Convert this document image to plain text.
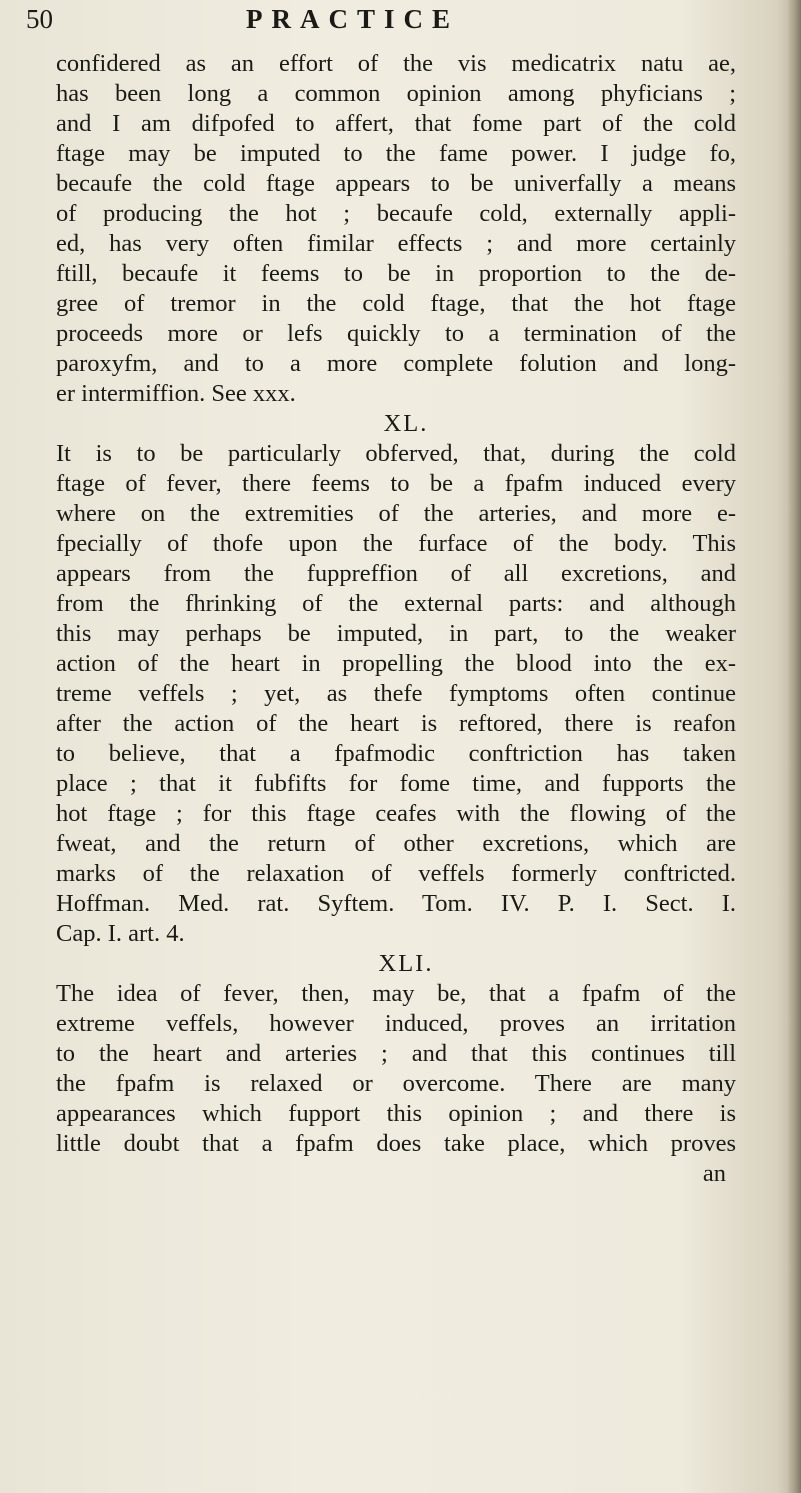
50	PRACTICE
confidered as an effort of the vis medicatrix natu ae,
has been long a common opinion among phyficians ;
and I am difpofed to affert, that fome part of the cold
ftage may be imputed to the fame power. I judge fo,
becaufe the cold ftage appears to be univerfally a means
of producing the hot ; becaufe cold, externally appli-
ed, has very often fimilar effects ; and more certainly
ftill, becaufe it feems to be in proportion to the de-
gree of tremor in the cold ftage, that the hot ftage
proceeds more or lefs quickly to a termination of the
paroxyfm, and to a more complete folution and long-
er intermiffion. See xxx.
XL.
It is to be particularly obferved, that, during the cold
ftage of fever, there feems to be a fpafm induced every
where on the extremities of the arteries, and more e-
fpecially of thofe upon the furface of the body. This
appears from the fuppreffion of all excretions, and
from the fhrinking of the external parts: and although
this may perhaps be imputed, in part, to the weaker
action of the heart in propelling the blood into the ex-
treme veffels ; yet, as thefe fymptoms often continue
after the action of the heart is reftored, there is reafon
to believe, that a fpafmodic conftriction has taken
place ; that it fubfifts for fome time, and fupports the
hot ftage ; for this ftage ceafes with the flowing of the
fweat, and the return of other excretions, which are
marks of the relaxation of veffels formerly conftricted.
Hoffman. Med. rat. Syftem. Tom. IV. P. I. Sect. I.
Cap. I. art. 4.
XLI.
The idea of fever, then, may be, that a fpafm of the
extreme veffels, however induced, proves an irritation
to the heart and arteries ; and that this continues till
the fpafm is relaxed or overcome. There are many
appearances which fupport this opinion ; and there is
little doubt that a fpafm does take place, which proves
an
